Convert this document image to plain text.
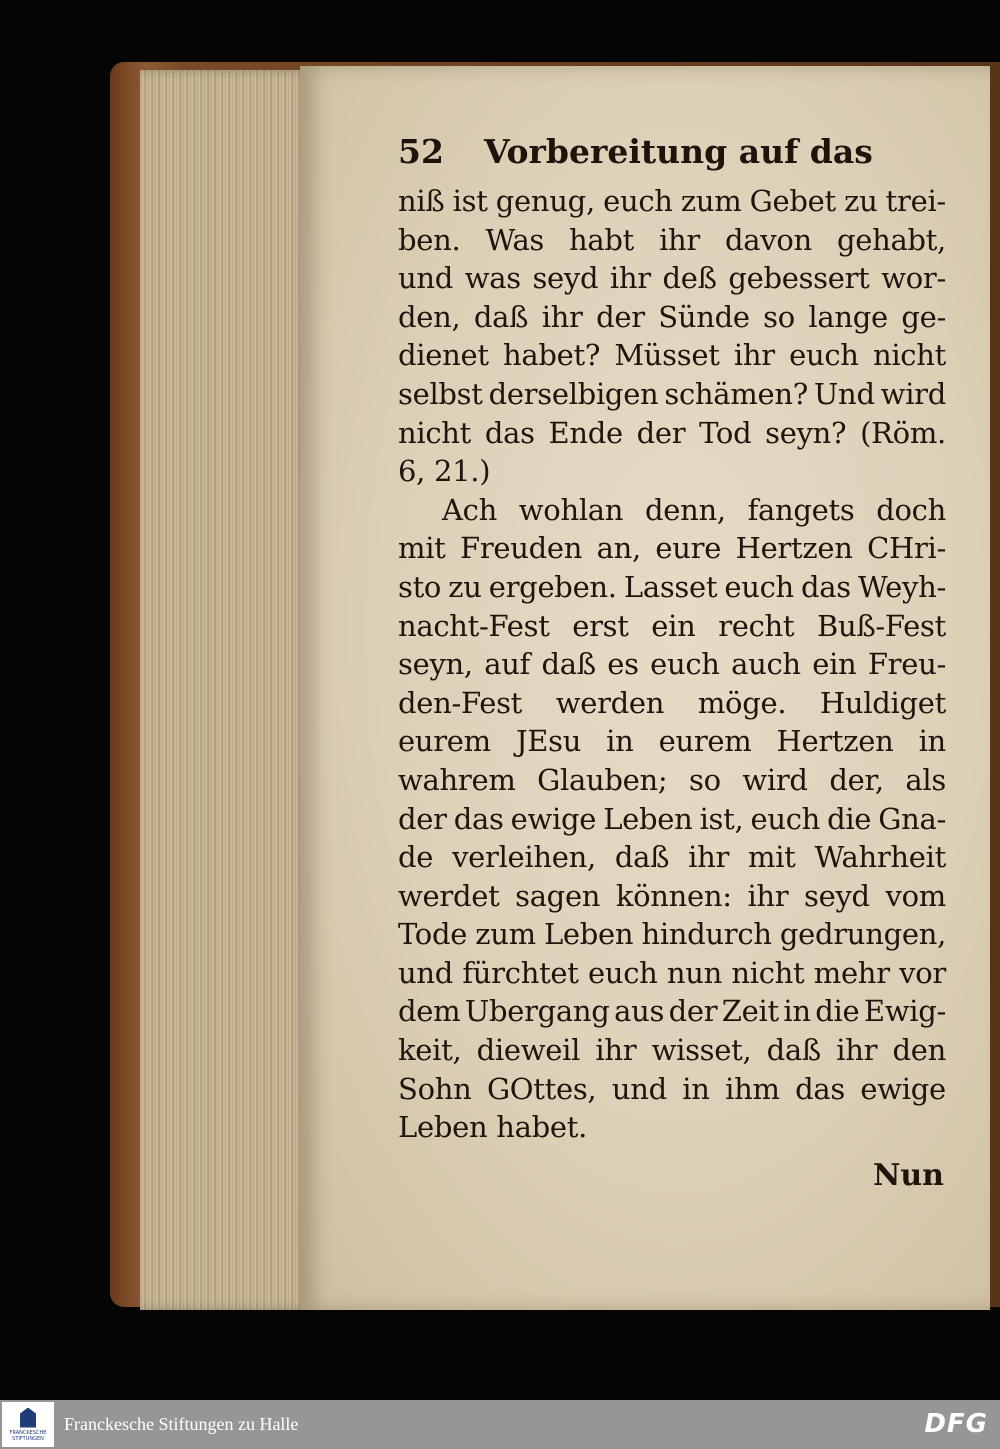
52 Vorbereitung auf das
niß ist genug, euch zum Gebet zu trei-
ben. Was habt ihr davon gehabt,
und was seyd ihr deß gebessert wor-
den, daß ihr der Sünde so lange ge-
dienet habet? Müsset ihr euch nicht
selbst derselbigen schämen? Und wird
nicht das Ende der Tod seyn? (Röm.
6, 21.)
Ach wohlan denn, fangets doch
mit Freuden an, eure Hertzen CHri-
sto zu ergeben. Lasset euch das Weyh-
nacht-Fest erst ein recht Buß-Fest
seyn, auf daß es euch auch ein Freu-
den-Fest werden möge. Huldiget
eurem JEsu in eurem Hertzen in
wahrem Glauben; so wird der, als
der das ewige Leben ist, euch die Gna-
de verleihen, daß ihr mit Wahrheit
werdet sagen können: ihr seyd vom
Tode zum Leben hindurch gedrungen,
und fürchtet euch nun nicht mehr vor
dem Ubergang aus der Zeit in die Ewig-
keit, dieweil ihr wisset, daß ihr den
Sohn GOttes, und in ihm das ewige
Leben habet.
Nun
FRANCKESCHE STIFTUNGEN
Franckesche Stiftungen zu Halle	DFG
